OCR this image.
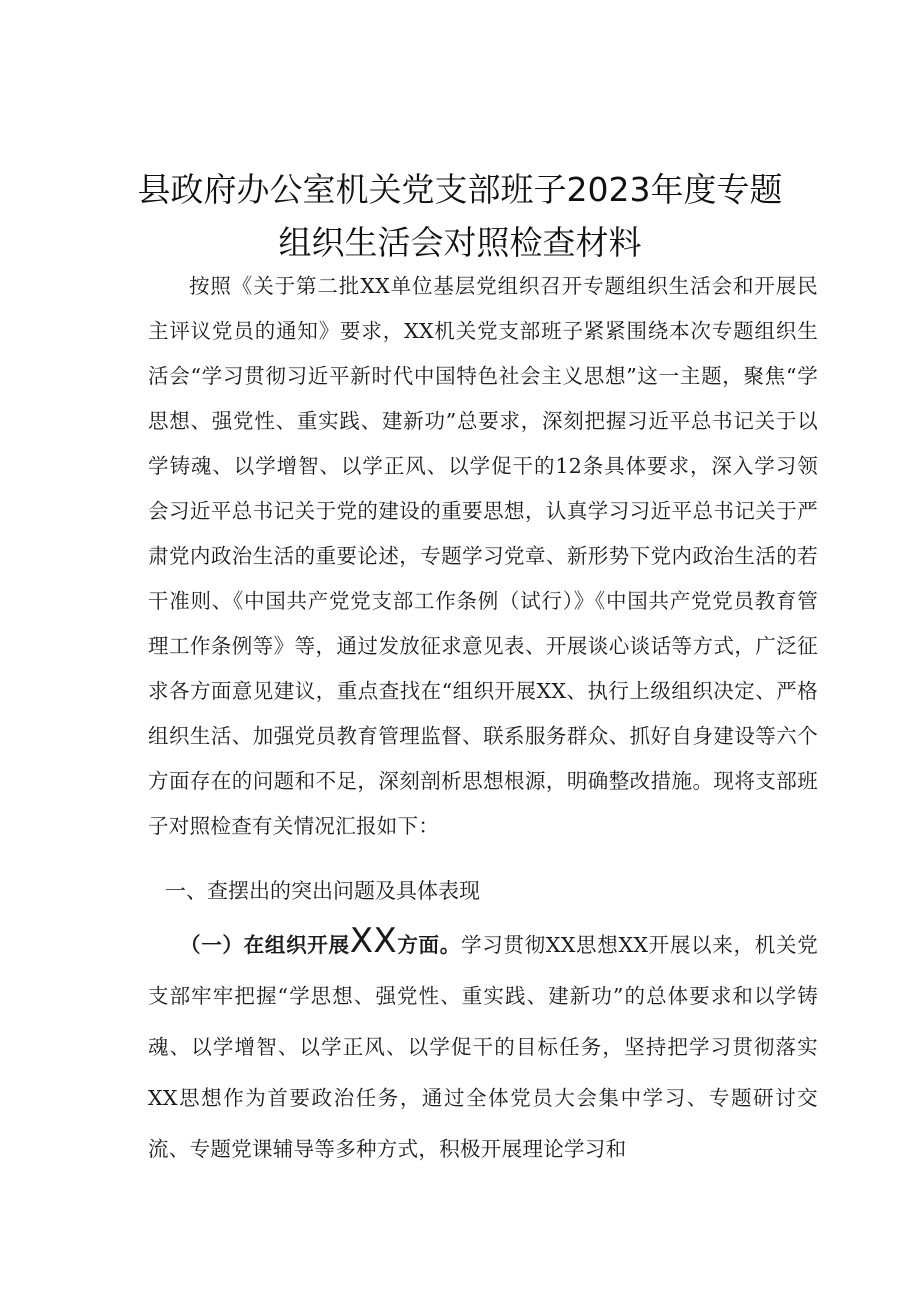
县政府办公室机关党支部班子2023年度专题
组织生活会对照检查材料

按照《关于第二批XX单位基层党组织召开专题组织生活会和开展民主评议党员的通知》要求，XX机关党支部班子紧紧围绕本次专题组织生活会“学习贯彻习近平新时代中国特色社会主义思想”这一主题，聚焦“学思想、强党性、重实践、建新功”总要求，深刻把握习近平总书记关于以学铸魂、以学增智、以学正风、以学促干的12条具体要求，深入学习领会习近平总书记关于党的建设的重要思想，认真学习习近平总书记关于严肃党内政治生活的重要论述，专题学习党章、新形势下党内政治生活的若干准则、《中国共产党党支部工作条例（试行）》《中国共产党党员教育管理工作条例等》等，通过发放征求意见表、开展谈心谈话等方式，广泛征求各方面意见建议，重点查找在“组织开展XX、执行上级组织决定、严格组织生活、加强党员教育管理监督、联系服务群众、抓好自身建设等六个方面存在的问题和不足，深刻剖析思想根源，明确整改措施。现将支部班子对照检查有关情况汇报如下：

一、查摆出的突出问题及具体表现

（一）在组织开展XX方面。学习贯彻XX思想XX开展以来，机关党支部牢牢把握“学思想、强党性、重实践、建新功”的总体要求和以学铸魂、以学增智、以学正风、以学促干的目标任务，坚持把学习贯彻落实XX思想作为首要政治任务，通过全体党员大会集中学习、专题研讨交流、专题党课辅导等多种方式，积极开展理论学习和
